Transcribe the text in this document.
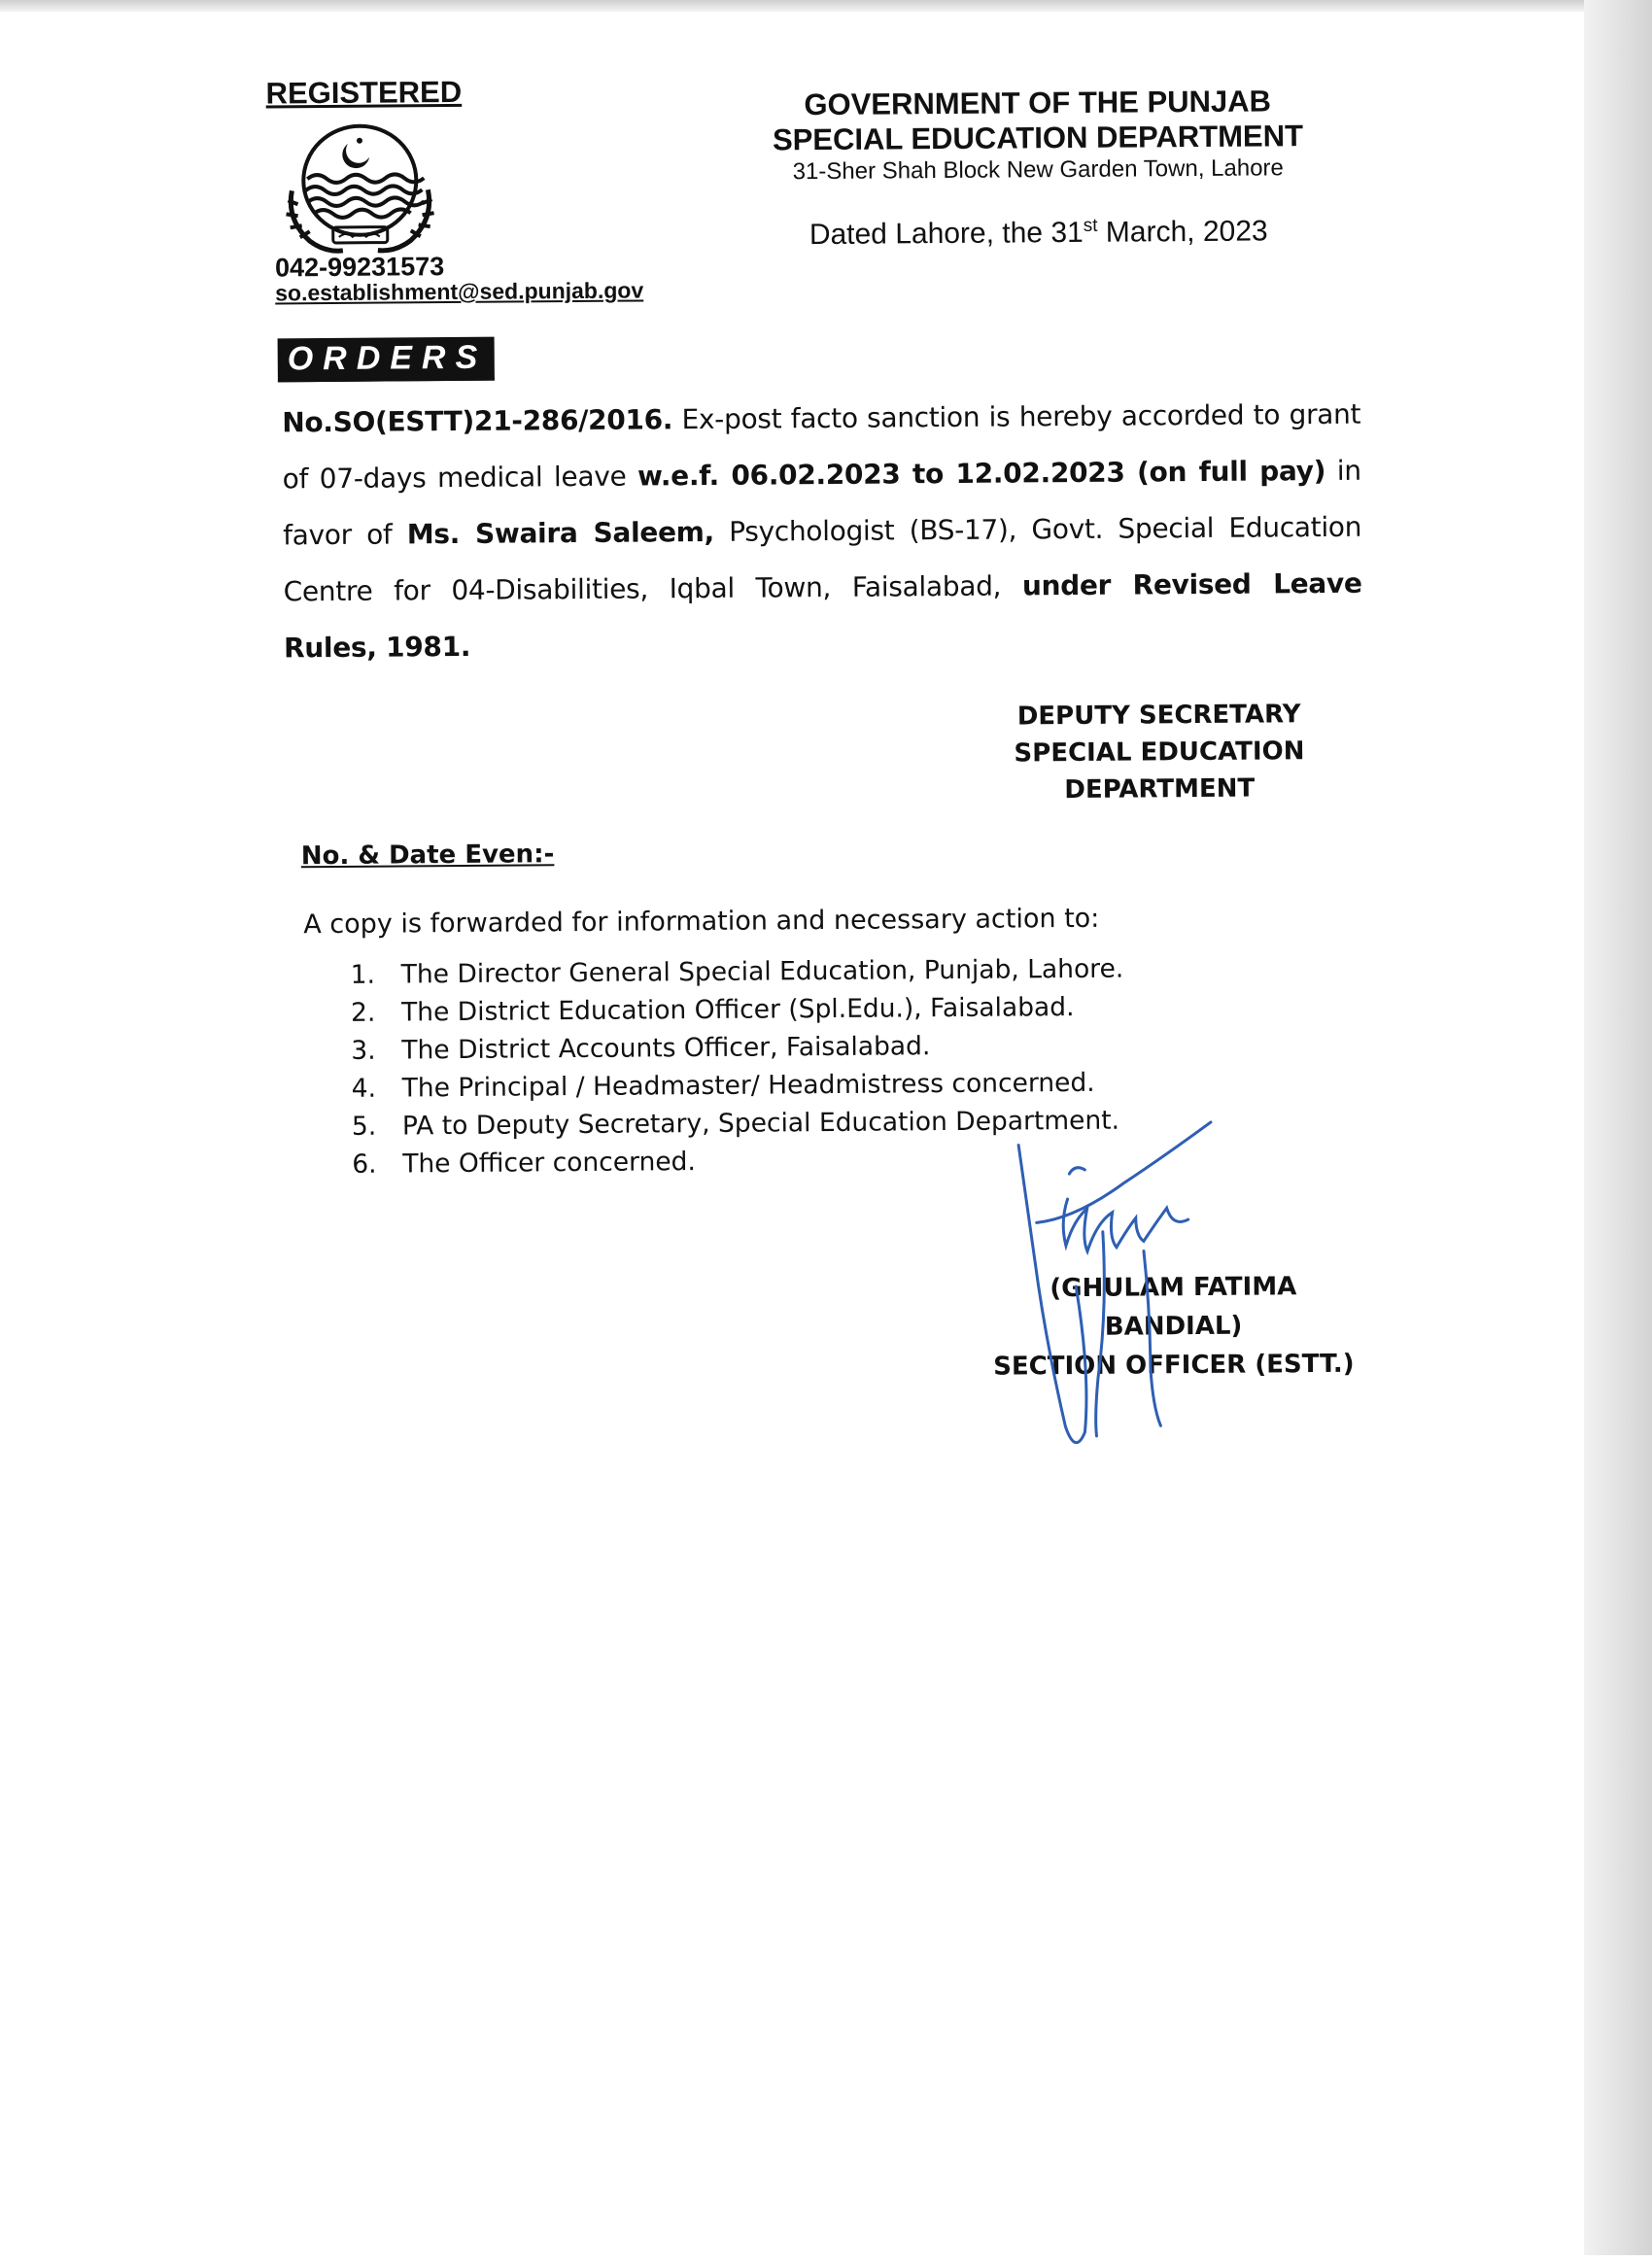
REGISTERED
042-99231573
so.establishment@sed.punjab.gov
GOVERNMENT OF THE PUNJAB
SPECIAL EDUCATION DEPARTMENT
31-Sher Shah Block New Garden Town, Lahore
Dated Lahore, the 31st March, 2023
ORDERS
No.SO(ESTT)21-286/2016. Ex-post facto sanction is hereby accorded to grant of 07-days medical leave w.e.f. 06.02.2023 to 12.02.2023 (on full pay) in favor of Ms. Swaira Saleem, Psychologist (BS-17), Govt. Special Education Centre for 04-Disabilities, Iqbal Town, Faisalabad, under Revised Leave Rules, 1981.
DEPUTY SECRETARY
SPECIAL EDUCATION
DEPARTMENT
No. & Date Even:-
A copy is forwarded for information and necessary action to:
1. The Director General Special Education, Punjab, Lahore.
2. The District Education Officer (Spl.Edu.), Faisalabad.
3. The District Accounts Officer, Faisalabad.
4. The Principal / Headmaster/ Headmistress concerned.
5. PA to Deputy Secretary, Special Education Department.
6. The Officer concerned.
(GHULAM FATIMA BANDIAL)
SECTION OFFICER (ESTT.)
